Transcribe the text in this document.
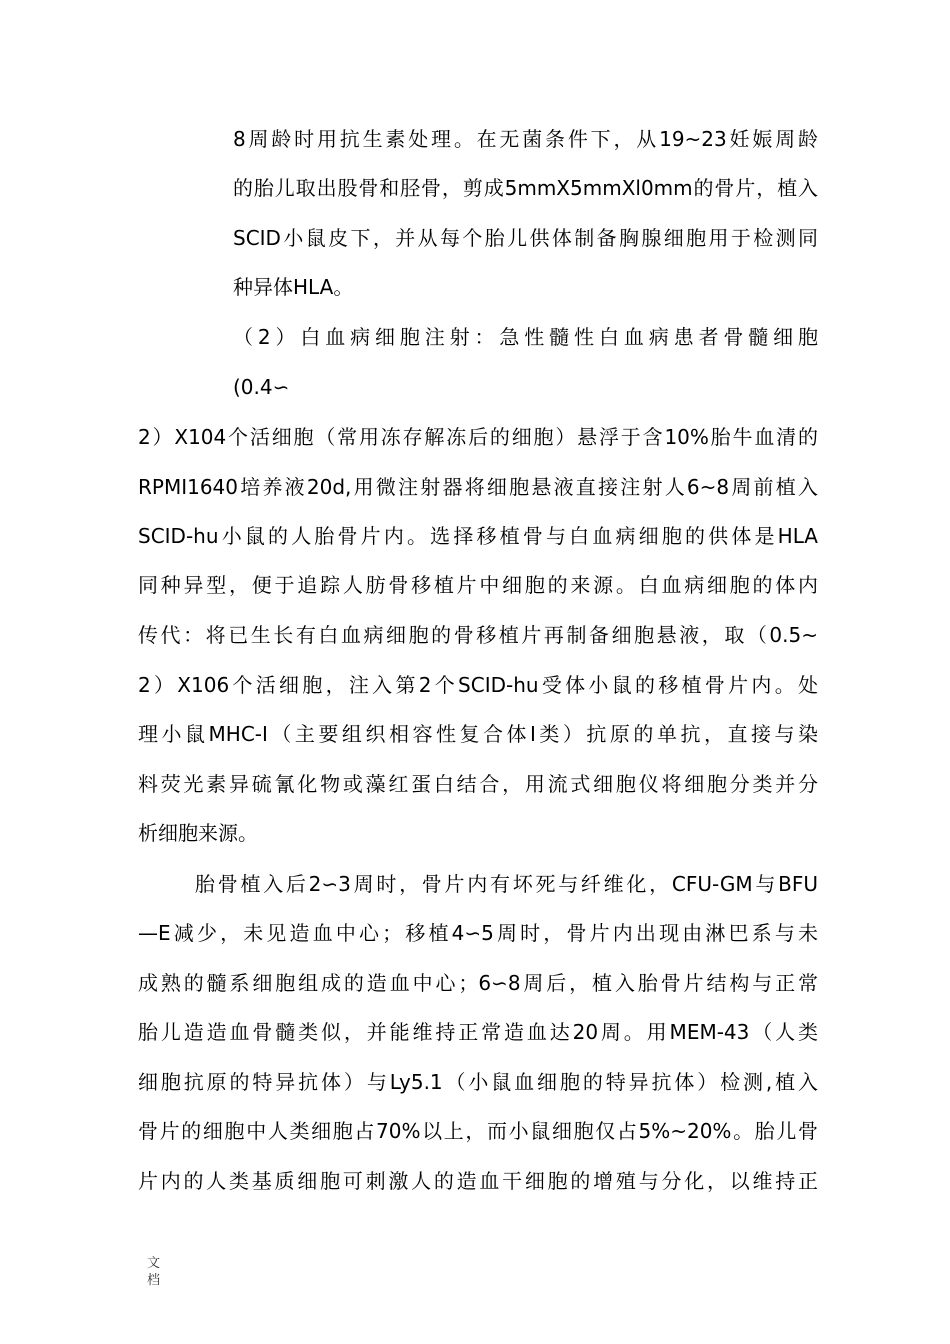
8周龄时用抗生素处理。在无菌条件下，从19~23妊娠周龄
的胎儿取出股骨和胫骨，剪成5mmX5mmXl0mm的骨片，植入
SCID小鼠皮下，并从每个胎儿供体制备胸腺细胞用于检测同
种异体HLA。
（2）白血病细胞注射：急性髓性白血病患者骨髓细胞
(0.4∽
2）X104个活细胞（常用冻存解冻后的细胞）悬浮于含10%胎牛血清的
RPMI1640培养液20d,用微注射器将细胞悬液直接注射人6~8周前植入
SCID-hu小鼠的人胎骨片内。选择移植骨与白血病细胞的供体是HLA
同种异型，便于追踪人肪骨移植片中细胞的来源。白血病细胞的体内
传代：将已生长有白血病细胞的骨移植片再制备细胞悬液，取（0.5~
2）X106个活细胞，注入第2个SCID-hu受体小鼠的移植骨片内。处
理小鼠MHC-I（主要组织相容性复合体I类）抗原的单抗，直接与染
料荧光素异硫氰化物或藻红蛋白结合，用流式细胞仪将细胞分类并分
析细胞来源。
胎骨植入后2∽3周时，骨片内有坏死与纤维化，CFU-GM与BFU
—E减少，未见造血中心；移植4∽5周时，骨片内出现由淋巴系与未
成熟的髓系细胞组成的造血中心；6∽8周后，植入胎骨片结构与正常
胎儿造造血骨髓类似，并能维持正常造血达20周。用MEM-43（人类
细胞抗原的特异抗体）与Ly5.1（小鼠血细胞的特异抗体）检测,植入
骨片的细胞中人类细胞占70%以上，而小鼠细胞仅占5%~20%。胎儿骨
片内的人类基质细胞可刺激人的造血干细胞的增殖与分化，以维持正
文
档
